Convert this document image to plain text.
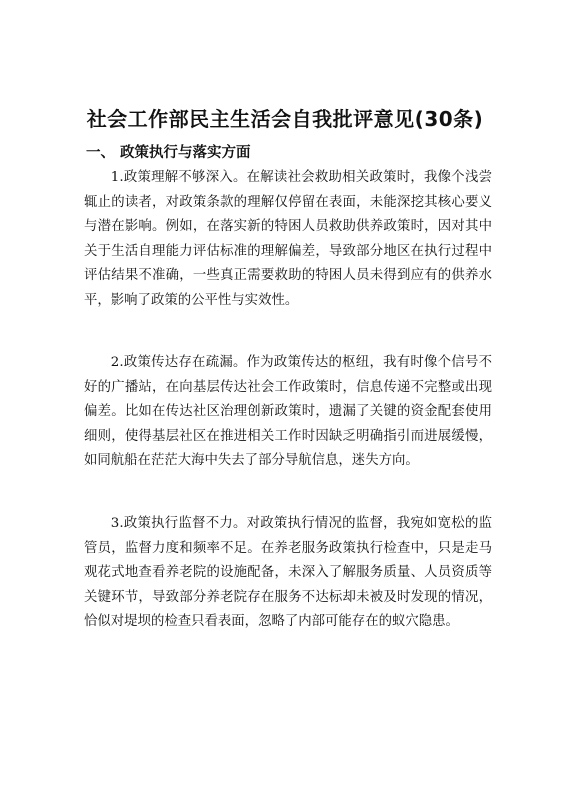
社会工作部民主生活会自我批评意见(30条)
一、 政策执行与落实方面

1.政策理解不够深入。在解读社会救助相关政策时，我像个浅尝辄止的读者，对政策条款的理解仅停留在表面，未能深挖其核心要义与潜在影响。例如，在落实新的特困人员救助供养政策时，因对其中关于生活自理能力评估标准的理解偏差，导致部分地区在执行过程中评估结果不准确，一些真正需要救助的特困人员未得到应有的供养水平，影响了政策的公平性与实效性。

2.政策传达存在疏漏。作为政策传达的枢纽，我有时像个信号不好的广播站，在向基层传达社会工作政策时，信息传递不完整或出现偏差。比如在传达社区治理创新政策时，遗漏了关键的资金配套使用细则，使得基层社区在推进相关工作时因缺乏明确指引而进展缓慢，如同航船在茫茫大海中失去了部分导航信息，迷失方向。

3.政策执行监督不力。对政策执行情况的监督，我宛如宽松的监管员，监督力度和频率不足。在养老服务政策执行检查中，只是走马观花式地查看养老院的设施配备，未深入了解服务质量、人员资质等关键环节，导致部分养老院存在服务不达标却未被及时发现的情况，恰似对堤坝的检查只看表面，忽略了内部可能存在的蚁穴隐患。
